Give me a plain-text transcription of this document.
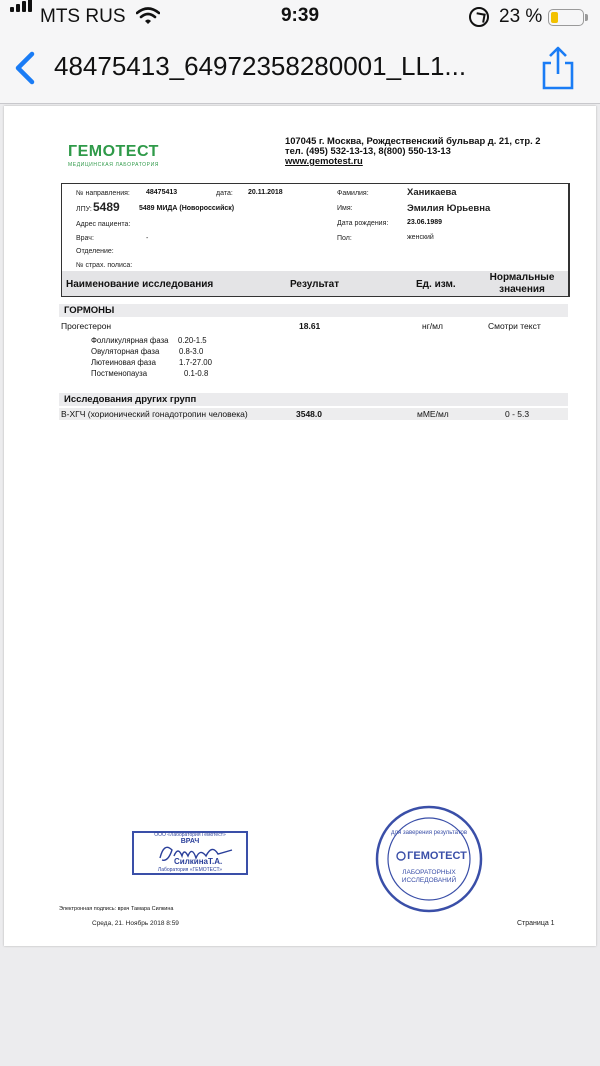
MTS RUS	9:39	23 %
48475413_64972358280001_LL1...
ГЕМОТЕСТ
МЕДИЦИНСКАЯ ЛАБОРАТОРИЯ
107045 г. Москва, Рождественский бульвар д. 21, стр. 2
тел. (495) 532-13-13, 8(800) 550-13-13
www.gemotest.ru
№ направления: 48475413	дата: 20.11.2018
ЛПУ: 5489	5489 МИДА (Новороссийск)
Адрес пациента:
Врач:	-
Отделение:
№ страх. полиса:
Фамилия:	Ханикаева
Имя:	Эмилия Юрьевна
Дата рождения:	23.06.1989
Пол:	женский
Наименование исследования	Результат	Ед. изм.
Нормальные
значения
ГОРМОНЫ
Прогестерон	18.61	нг/мл	Смотри текст
Фолликулярная фаза 0.20-1.5
Овуляторная фаза	0.8-3.0
Лютеиновая фаза	1.7-27.00
Постменопауза	0.1-0.8
Исследования других групп
В-ХГЧ (хорионический гонадотропин человека)	3548.0	мМЕ/мл	0 - 5.3
ООО «Лаборатория Гемотест»
ВРАЧ
СилкинаТ.А.
Лаборатория «ГЕМОТЕСТ»
для заверения результатов
ГЕМОТЕСТ
ЛАБОРАТОРНЫХ
ИССЛЕДОВАНИЙ
Электронная подпись: врач Тамара Силкина
Среда, 21. Ноябрь 2018 8:59	Страница 1
